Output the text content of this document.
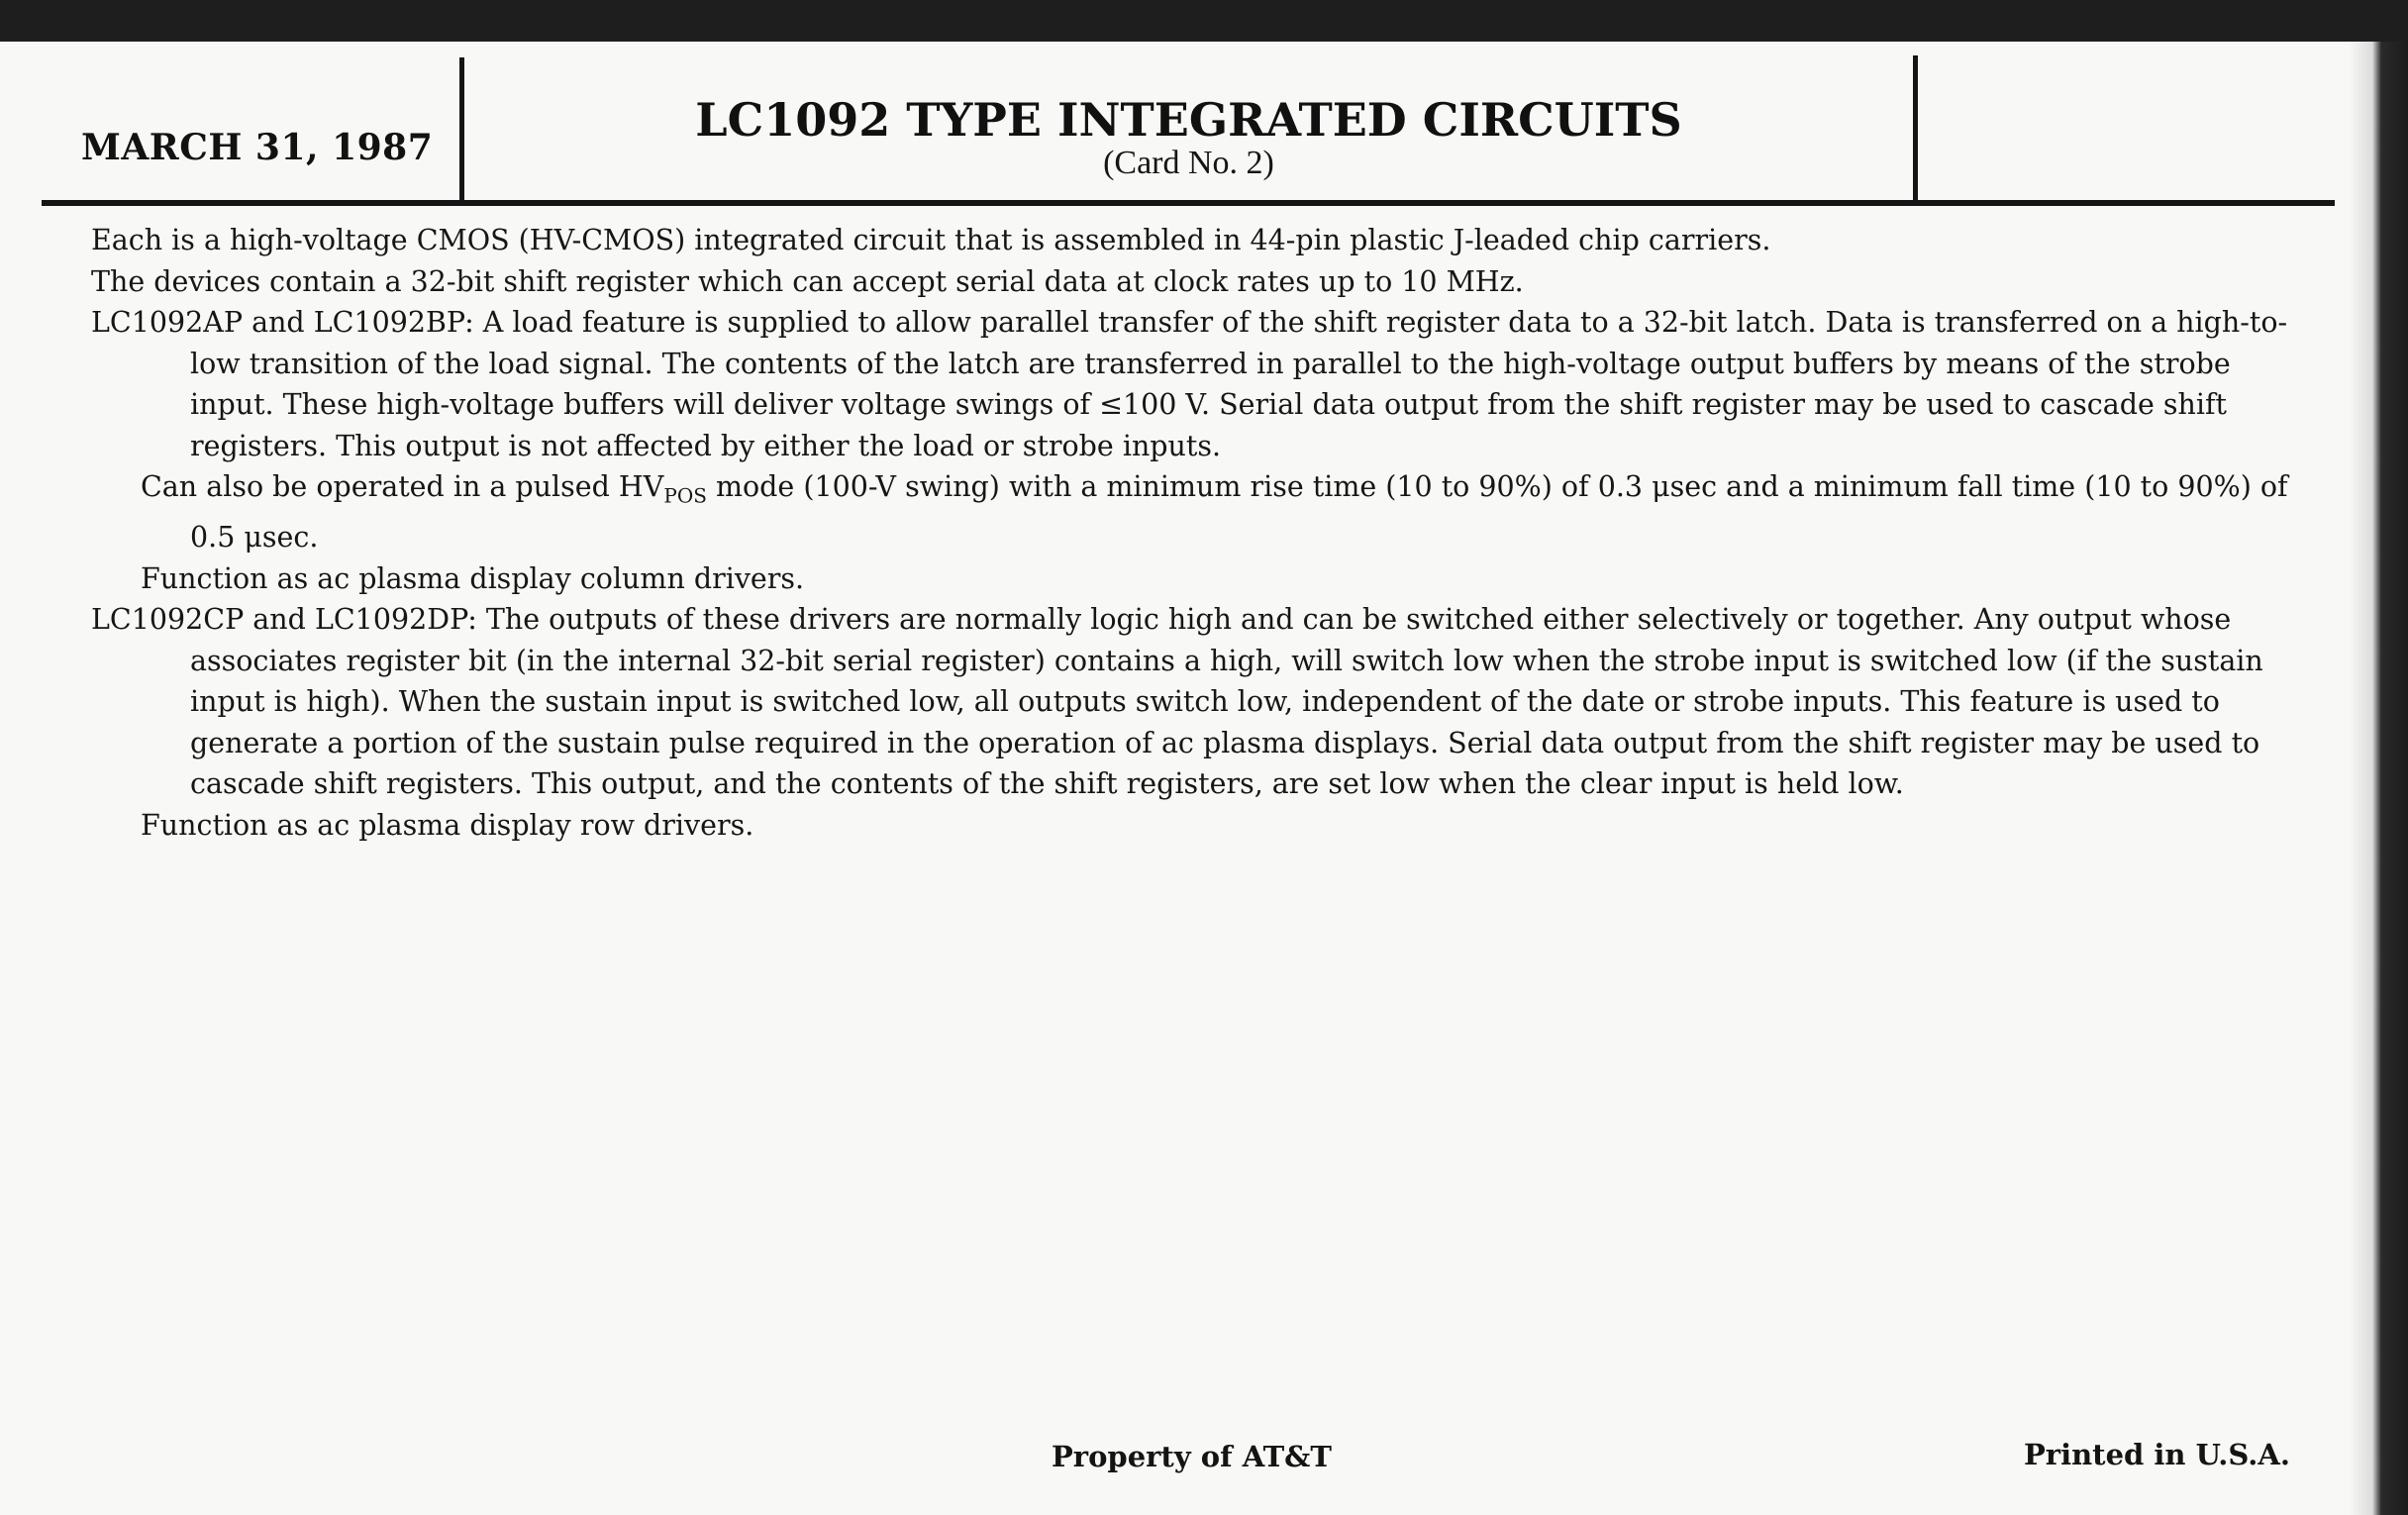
MARCH 31, 1987
LC1092 TYPE INTEGRATED CIRCUITS
(Card No. 2)

Each is a high-voltage CMOS (HV-CMOS) integrated circuit that is assembled in 44-pin plastic J-leaded chip carriers.

The devices contain a 32-bit shift register which can accept serial data at clock rates up to 10 MHz.

LC1092AP and LC1092BP: A load feature is supplied to allow parallel transfer of the shift register data to a 32-bit latch. Data is transferred on a high-to-low transition of the load signal. The contents of the latch are transferred in parallel to the high-voltage output buffers by means of the strobe input. These high-voltage buffers will deliver voltage swings of ≤100 V. Serial data output from the shift register may be used to cascade shift registers. This output is not affected by either the load or strobe inputs.

Can also be operated in a pulsed $HV_{POS}$ mode (100-V swing) with a minimum rise time (10 to 90%) of 0.3 μsec and a minimum fall time (10 to 90%) of 0.5 μsec.

Function as ac plasma display column drivers.

LC1092CP and LC1092DP: The outputs of these drivers are normally logic high and can be switched either selectively or together. Any output whose associates register bit (in the internal 32-bit serial register) contains a high, will switch low when the strobe input is switched low (if the sustain input is high). When the sustain input is switched low, all outputs switch low, independent of the date or strobe inputs. This feature is used to generate a portion of the sustain pulse required in the operation of ac plasma displays. Serial data output from the shift register may be used to cascade shift registers. This output, and the contents of the shift registers, are set low when the clear input is held low.

Function as ac plasma display row drivers.

Property of AT&T	Printed in U.S.A.
